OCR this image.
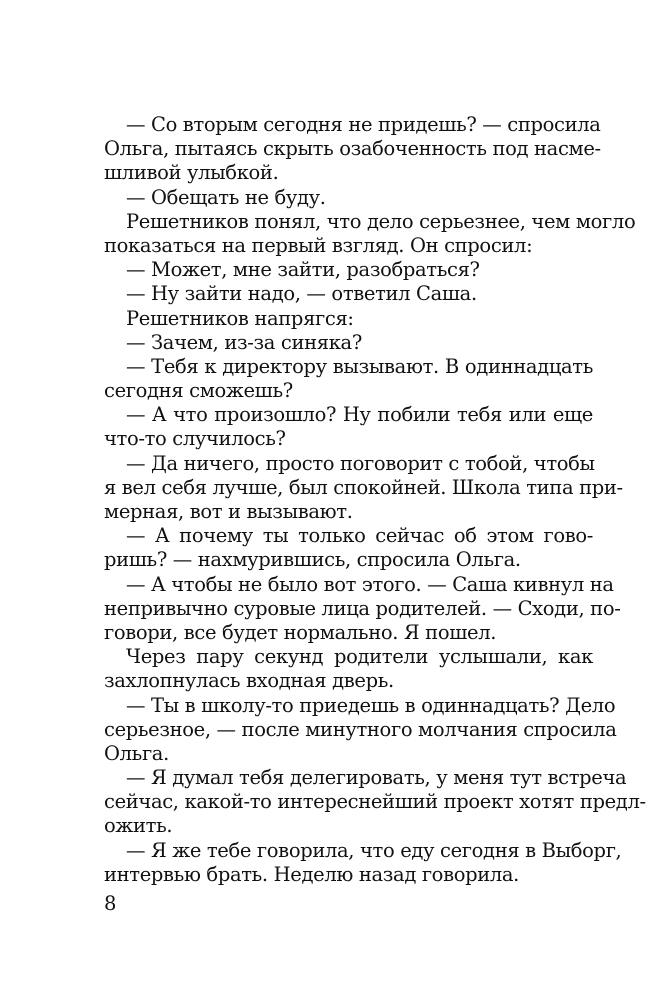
— Со вторым сегодня не придешь? — спросила
Ольга, пытаясь скрыть озабоченность под насме-
шливой улыбкой.
— Обещать не буду.
Решетников понял, что дело серьезнее, чем могло
показаться на первый взгляд. Он спросил:
— Может, мне зайти, разобраться?
— Ну зайти надо, — ответил Саша.
Решетников напрягся:
— Зачем, из-за синяка?
— Тебя к директору вызывают. В одиннадцать
сегодня сможешь?
— А что произошло? Ну побили тебя или еще
что-то случилось?
— Да ничего, просто поговорит с тобой, чтобы
я вел себя лучше, был спокойней. Школа типа при-
мерная, вот и вызывают.
— А почему ты только сейчас об этом гово-
ришь? — нахмурившись, спросила Ольга.
— А чтобы не было вот этого. — Саша кивнул на
непривычно суровые лица родителей. — Сходи, по-
говори, все будет нормально. Я пошел.
Через пару секунд родители услышали, как
захлопнулась входная дверь.
— Ты в школу-то приедешь в одиннадцать? Дело
серьезное, — после минутного молчания спросила
Ольга.
— Я думал тебя делегировать, у меня тут встреча
сейчас, какой-то интереснейший проект хотят предл-
ожить.
— Я же тебе говорила, что еду сегодня в Выборг,
интервью брать. Неделю назад говорила.
8
